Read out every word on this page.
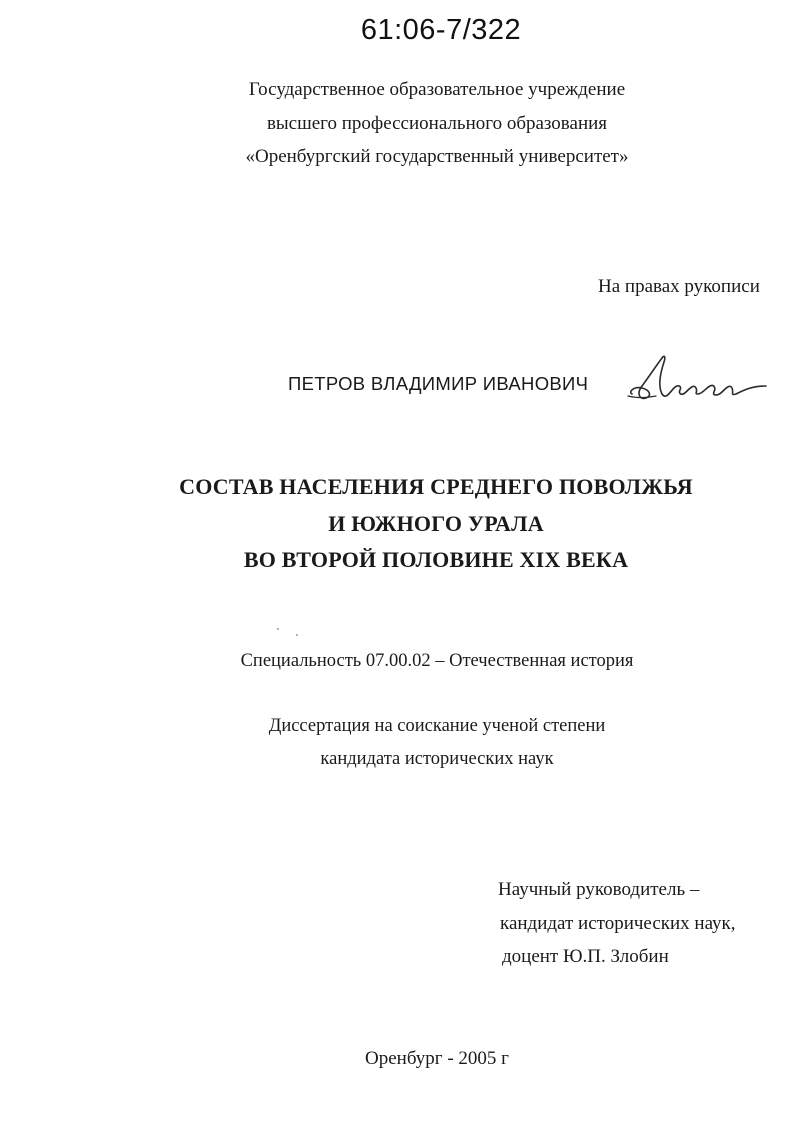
61:06-7/322
Государственное образовательное учреждение
высшего профессионального образования
«Оренбургский государственный университет»
На правах рукописи
ПЕТРОВ ВЛАДИМИР ИВАНОВИЧ
СОСТАВ НАСЕЛЕНИЯ СРЕДНЕГО ПОВОЛЖЬЯ
И ЮЖНОГО УРАЛА
ВО ВТОРОЙ ПОЛОВИНЕ XIX ВЕКА
Специальность 07.00.02 – Отечественная история
Диссертация на соискание ученой степени
кандидата исторических наук
Научный руководитель –
кандидат исторических наук,
доцент Ю.П. Злобин
Оренбург - 2005 г
